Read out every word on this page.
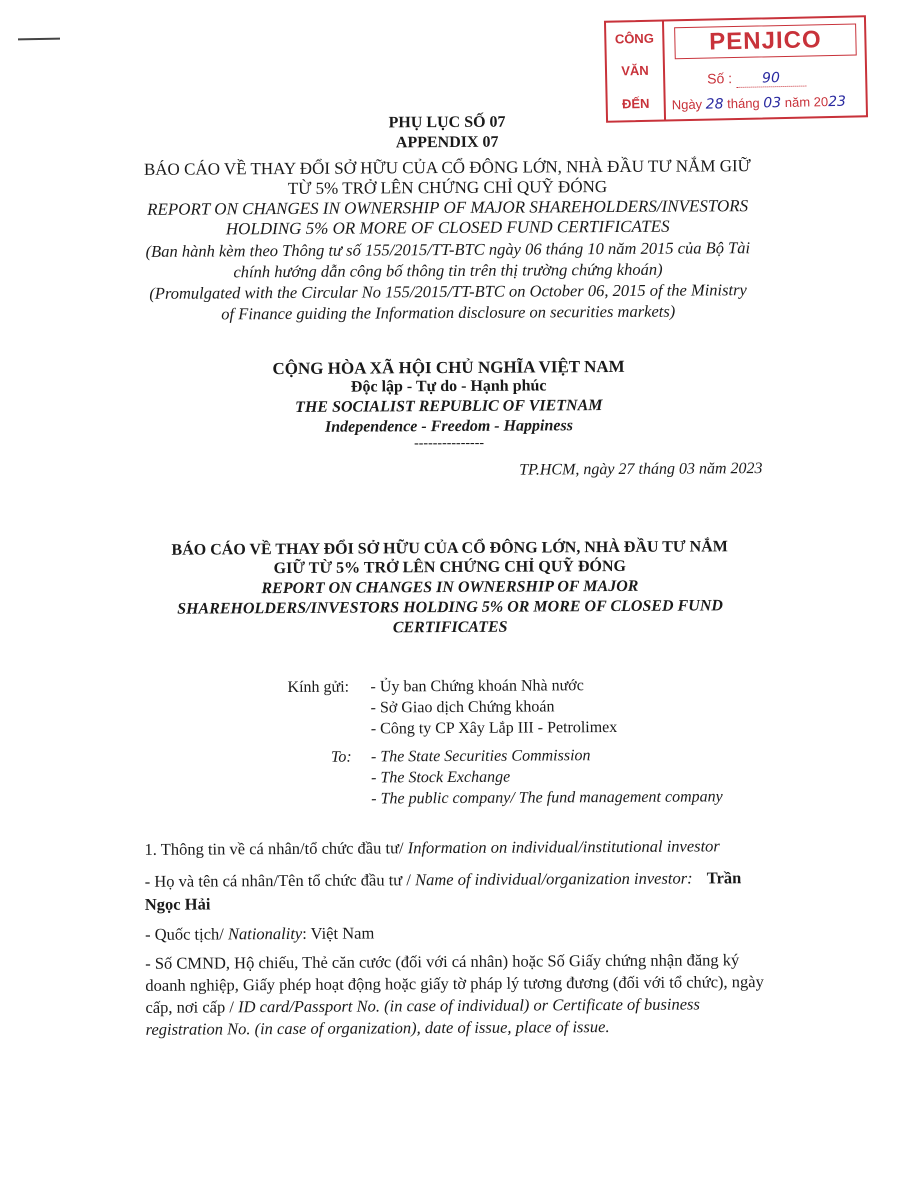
CÔNG
VĂN
ĐẾN
PENJICO
Số : 90
Ngày 28 tháng 03 năm 2023
PHỤ LỤC SỐ 07
APPENDIX 07
BÁO CÁO VỀ THAY ĐỔI SỞ HỮU CỦA CỔ ĐÔNG LỚN, NHÀ ĐẦU TƯ NẮM GIỮ
TỪ 5% TRỞ LÊN CHỨNG CHỈ QUỸ ĐÓNG
REPORT ON CHANGES IN OWNERSHIP OF MAJOR SHAREHOLDERS/INVESTORS
HOLDING 5% OR MORE OF CLOSED FUND CERTIFICATES
(Ban hành kèm theo Thông tư số 155/2015/TT-BTC ngày 06 tháng 10 năm 2015 của Bộ Tài
chính hướng dẫn công bố thông tin trên thị trường chứng khoán)
(Promulgated with the Circular No 155/2015/TT-BTC on October 06, 2015 of the Ministry
of Finance guiding the Information disclosure on securities markets)
CỘNG HÒA XÃ HỘI CHỦ NGHĨA VIỆT NAM
Độc lập - Tự do - Hạnh phúc
THE SOCIALIST REPUBLIC OF VIETNAM
Independence - Freedom - Happiness
---------------
TP.HCM, ngày 27 tháng 03 năm 2023
BÁO CÁO VỀ THAY ĐỔI SỞ HỮU CỦA CỔ ĐÔNG LỚN, NHÀ ĐẦU TƯ NẮM
GIỮ TỪ 5% TRỞ LÊN CHỨNG CHỈ QUỸ ĐÓNG
REPORT ON CHANGES IN OWNERSHIP OF MAJOR
SHAREHOLDERS/INVESTORS HOLDING 5% OR MORE OF CLOSED FUND
CERTIFICATES
Kính gửi: - Ủy ban Chứng khoán Nhà nước
- Sở Giao dịch Chứng khoán
- Công ty CP Xây Lắp III - Petrolimex
To: - The State Securities Commission
- The Stock Exchange
- The public company/ The fund management company
1. Thông tin về cá nhân/tổ chức đầu tư/ Information on individual/institutional investor
- Họ và tên cá nhân/Tên tổ chức đầu tư / Name of individual/organization investor: Trần
Ngọc Hải
- Quốc tịch/ Nationality: Việt Nam
- Số CMND, Hộ chiếu, Thẻ căn cước (đối với cá nhân) hoặc Số Giấy chứng nhận đăng ký
doanh nghiệp, Giấy phép hoạt động hoặc giấy tờ pháp lý tương đương (đối với tổ chức), ngày
cấp, nơi cấp / ID card/Passport No. (in case of individual) or Certificate of business
registration No. (in case of organization), date of issue, place of issue.
